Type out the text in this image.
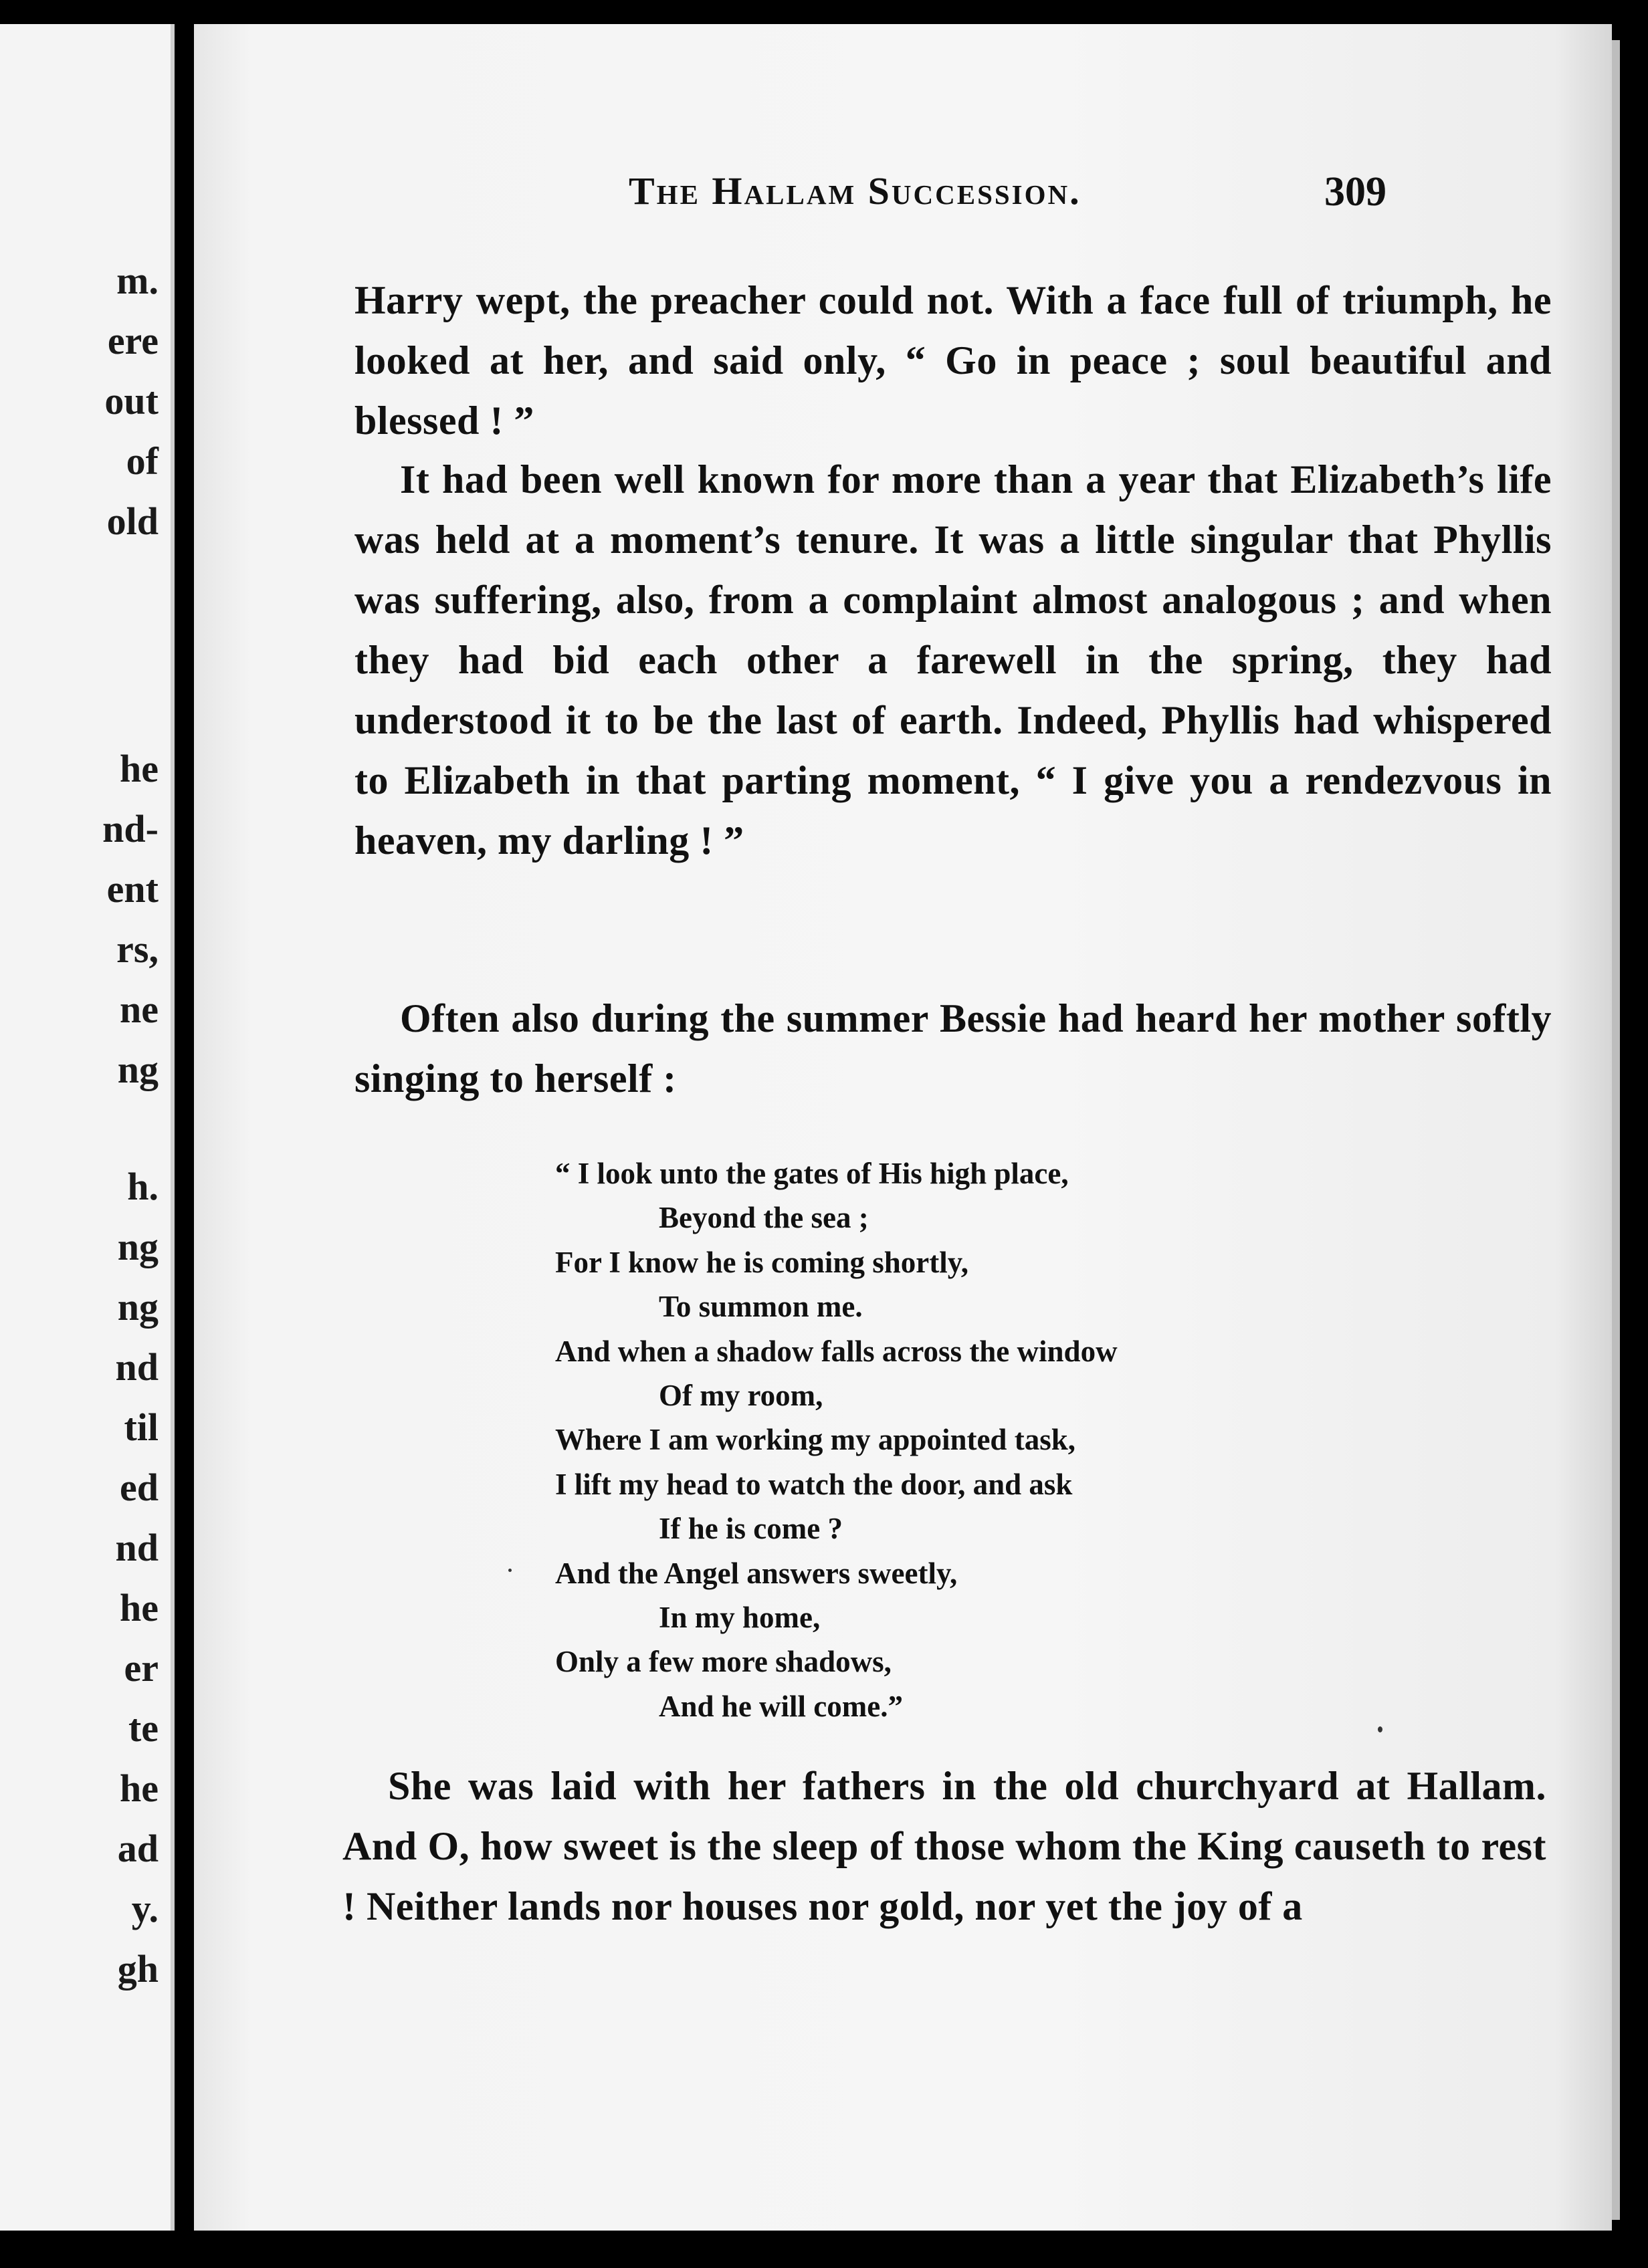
m.
ere
out
of
old
he
nd-
ent
rs,
ne
ng
h.
ng
ng
nd
til
ed
nd
he
er
te
he
ad
y.
gh
The Hallam Succession.	309
Harry wept, the preacher could not. With a face full of triumph, he looked at her, and said only, “ Go in peace ; soul beautiful and blessed ! ”
It had been well known for more than a year that Elizabeth’s life was held at a moment’s tenure. It was a little singular that Phyllis was suffering, also, from a complaint almost analogous ; and when they had bid each other a farewell in the spring, they had understood it to be the last of earth. Indeed, Phyllis had whispered to Elizabeth in that parting moment, “ I give you a rendezvous in heaven, my darling ! ”
Often also during the summer Bessie had heard her mother softly singing to herself :
“ I look unto the gates of His high place,
Beyond the sea ;
For I know he is coming shortly,
To summon me.
And when a shadow falls across the window
Of my room,
Where I am working my appointed task,
I lift my head to watch the door, and ask
If he is come ?
And the Angel answers sweetly,
In my home,
Only a few more shadows,
And he will come.”
She was laid with her fathers in the old churchyard at Hallam. And O, how sweet is the sleep of those whom the King causeth to rest ! Neither lands nor houses nor gold, nor yet the joy of a
